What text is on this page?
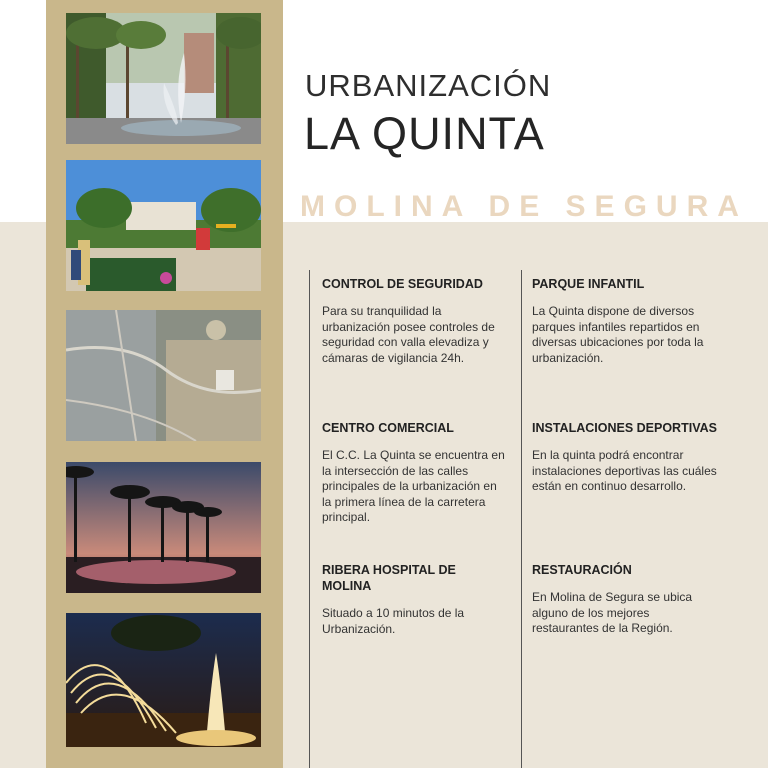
URBANIZACIÓN
LA QUINTA
MOLINA DE SEGURA
CONTROL DE SEGURIDAD

Para su tranquilidad la urbanización posee controles de seguridad con valla elevadiza y cámaras de vigilancia 24h.

CENTRO COMERCIAL

El C.C. La Quinta se encuentra en la intersección de las calles principales de la urbanización en la primera línea de la carretera principal.

RIBERA HOSPITAL DE MOLINA

Situado a 10 minutos de la Urbanización.

PARQUE INFANTIL

La Quinta dispone de diversos parques infantiles repartidos en diversas ubicaciones por toda la urbanización.

INSTALACIONES DEPORTIVAS

En la quinta podrá encontrar instalaciones deportivas las cuáles están en continuo desarrollo.

RESTAURACIÓN

En Molina de Segura se ubica alguno de los mejores restaurantes de la Región.
